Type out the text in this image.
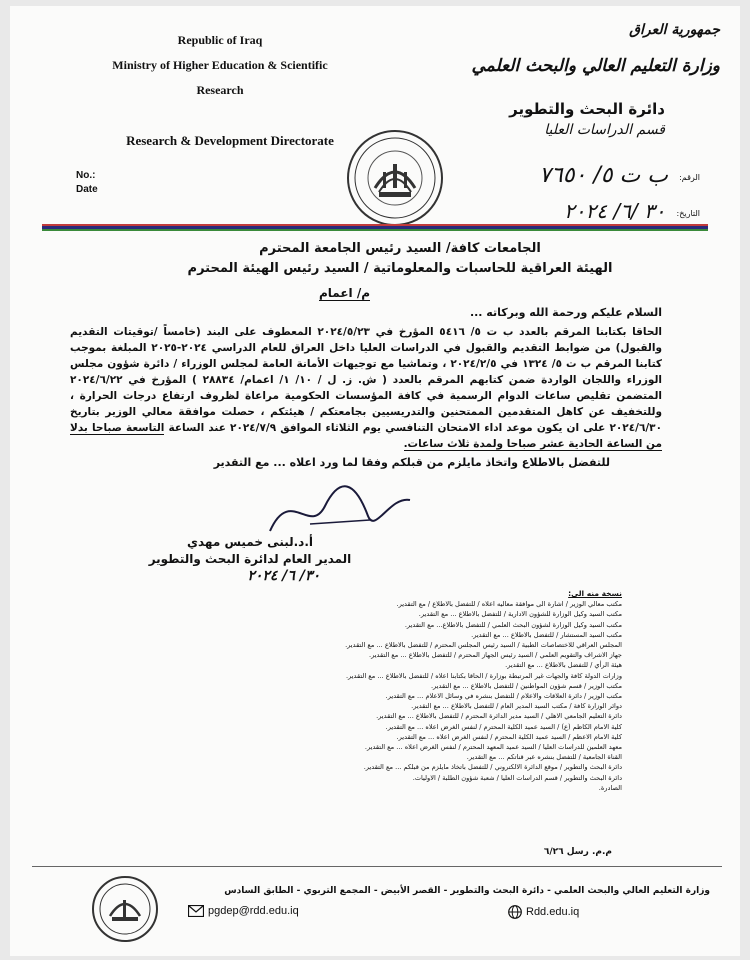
Republic of Iraq
Ministry of Higher Education & Scientific
Research
Research & Development Directorate
جمهورية العراق
وزارة التعليم العالي والبحث العلمي
دائرة البحث والتطوير
قسم الدراسات العليا
No.:
Date
الرقم: ب ت ٥/ ٧٦٥٠
التاريخ: ٣٠ /٦/ ٢٠٢٤
الجامعات كافة/ السيد رئيس الجامعة المحترم
الهيئة العراقية للحاسبات والمعلوماتية / السيد رئيس الهيئة المحترم
م/ اعمام
السلام عليكم ورحمة الله وبركاته ...
الحاقا بكتابنا المرقم بالعدد ب ت ٥/ ٥٤١٦ المؤرخ في ٢٠٢٤/٥/٢٣ المعطوف على البند (خامساً /توقيتات التقديم والقبول) من ضوابط التقديم والقبول في الدراسات العليا داخل العراق للعام الدراسي ٢٠٢٤-٢٠٢٥ المبلغة بموجب كتابنا المرقم ب ت ٥/ ١٣٢٤ في ٢٠٢٤/٢/٥ ، وتماشيا مع توجيهات الأمانة العامة لمجلس الوزراء / دائرة شؤون مجلس الوزراء واللجان الواردة ضمن كتابهم المرقم بالعدد ( ش. ز. ل / ١٠/ ١/ اعمام/ ٢٨٨٣٤ ) المؤرخ في ٢٠٢٤/٦/٢٢ المتضمن تقليص ساعات الدوام الرسمية في كافة المؤسسات الحكومية مراعاة لظروف ارتفاع درجات الحرارة ، وللتخفيف عن كاهل المتقدمين الممتحنين والتدريسيين بجامعتكم / هيئتكم ، حصلت موافقة معالي الوزير بتاريخ ٢٠٢٤/٦/٣٠ على ان يكون موعد اداء الامتحان التنافسي يوم الثلاثاء الموافق ٢٠٢٤/٧/٩ عند الساعة التاسعة صباحا بدلا من الساعة الحادية عشر صباحا ولمدة ثلاث ساعات.
للتفضل بالاطلاع واتخاذ مايلزم من قبلكم وفقا لما ورد اعلاه ... مع التقدير
أ.د.لبنى خميس مهدي
المدير العام لدائرة البحث والتطوير
٣٠/ ٦/ ٢٠٢٤
نسخة منه الى:
مكتب معالي الوزير / اشارة الى موافقة معاليه اعلاه / للتفضل بالاطلاع / مع التقدير.
مكتب السيد وكيل الوزارة للشؤون الادارية / للتفضل بالاطلاع ... مع التقدير.
مكتب السيد وكيل الوزارة لشؤون البحث العلمي / للتفضل بالاطلاع... مع التقدير.
مكتب السيد المستشار / للتفضل بالاطلاع ... مع التقدير.
المجلس العراقي للاختصاصات الطبية / السيد رئيس المجلس المحترم / للتفضل بالاطلاع ... مع التقدير.
جهاز الاشراف والتقويم العلمي / السيد رئيس الجهاز المحترم / للتفضل بالاطلاع ... مع التقدير.
هيئة الرأي / للتفضل بالاطلاع ... مع التقدير.
وزارات الدولة كافة والجهات غير المرتبطة بوزارة / الحاقا بكتابنا اعلاه / للتفضل بالاطلاع ... مع التقدير.
مكتب الوزير / قسم شؤون المواطنين / للتفضل بالاطلاع ... مع التقدير.
مكتب الوزير / دائرة العلاقات والاعلام / للتفضل بنشره في وسائل الاعلام ... مع التقدير.
دوائر الوزارة كافة / مكتب السيد المدير العام / للتفضل بالاطلاع ... مع التقدير.
دائرة التعليم الجامعي الاهلي / السيد مدير الدائرة المحترم / للتفضل بالاطلاع ... مع التقدير.
كلية الامام الكاظم (ع) / السيد عميد الكلية المحترم / لنفس الغرض اعلاه ... مع التقدير.
كلية الامام الاعظم / السيد عميد الكلية المحترم / لنفس الغرض اعلاه ... مع التقدير.
معهد العلمين للدراسات العليا / السيد عميد المعهد المحترم / لنفس الغرض اعلاه ... مع التقدير.
القناة الجامعية / للتفضل بنشره عبر قناتكم ... مع التقدير.
دائرة البحث والتطوير / موقع الدائرة الالكتروني / للتفضل باتخاذ مايلزم من قبلكم ... مع التقدير.
دائرة البحث والتطوير / قسم الدراسات العليا / شعبة شؤون الطلبة / الاوليات.
الصادرة.
م.م. رسل ٦/٢٦
وزارة التعليم العالي والبحث العلمي - دائرة البحث والتطوير - القصر الأبيض - المجمع التربوي - الطابق السادس
pgdep@rdd.edu.iq	Rdd.edu.iq
